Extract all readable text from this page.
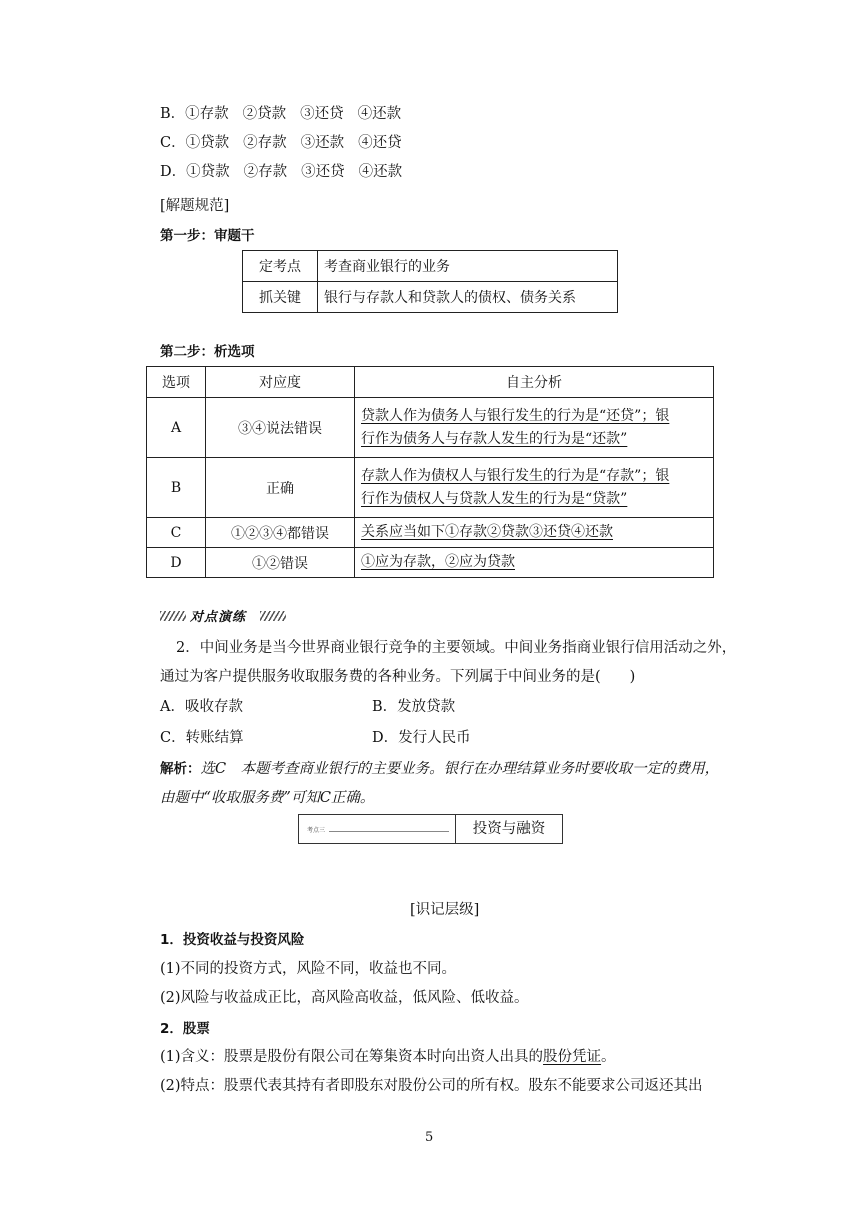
B．①存款 ②贷款 ③还贷 ④还款
C．①贷款 ②存款 ③还款 ④还贷
D．①贷款 ②存款 ③还贷 ④还款
[解题规范]
第一步：审题干
定考点	考查商业银行的业务
抓关键	银行与存款人和贷款人的债权、债务关系
第二步：析选项
选项	对应度	自主分析
A	③④说法错误	贷款人作为债务人与银行发生的行为是“还贷”；银
行作为债务人与存款人发生的行为是“还款”

B	正确	存款人作为债权人与银行发生的行为是“存款”；银
行作为债权人与贷款人发生的行为是“贷款”

C	①②③④都错误	关系应当如下①存款②贷款③还贷④还款

D	①②错误	①应为存款，②应为贷款
对点演练
2．中间业务是当今世界商业银行竞争的主要领域。中间业务指商业银行信用活动之外，
通过为客户提供服务收取服务费的各种业务。下列属于中间业务的是(　　)
A．吸收存款	B．发放贷款
C．转账结算	D．发行人民币
解析：选C　本题考查商业银行的主要业务。银行在办理结算业务时要收取一定的费用，
由题中“收取服务费”可知C正确。
考点三	投资与融资
[识记层级]
1．投资收益与投资风险
(1)不同的投资方式，风险不同，收益也不同。
(2)风险与收益成正比，高风险高收益，低风险、低收益。
2．股票
(1)含义：股票是股份有限公司在筹集资本时向出资人出具的股份凭证。
(2)特点：股票代表其持有者即股东对股份公司的所有权。股东不能要求公司返还其出
5
